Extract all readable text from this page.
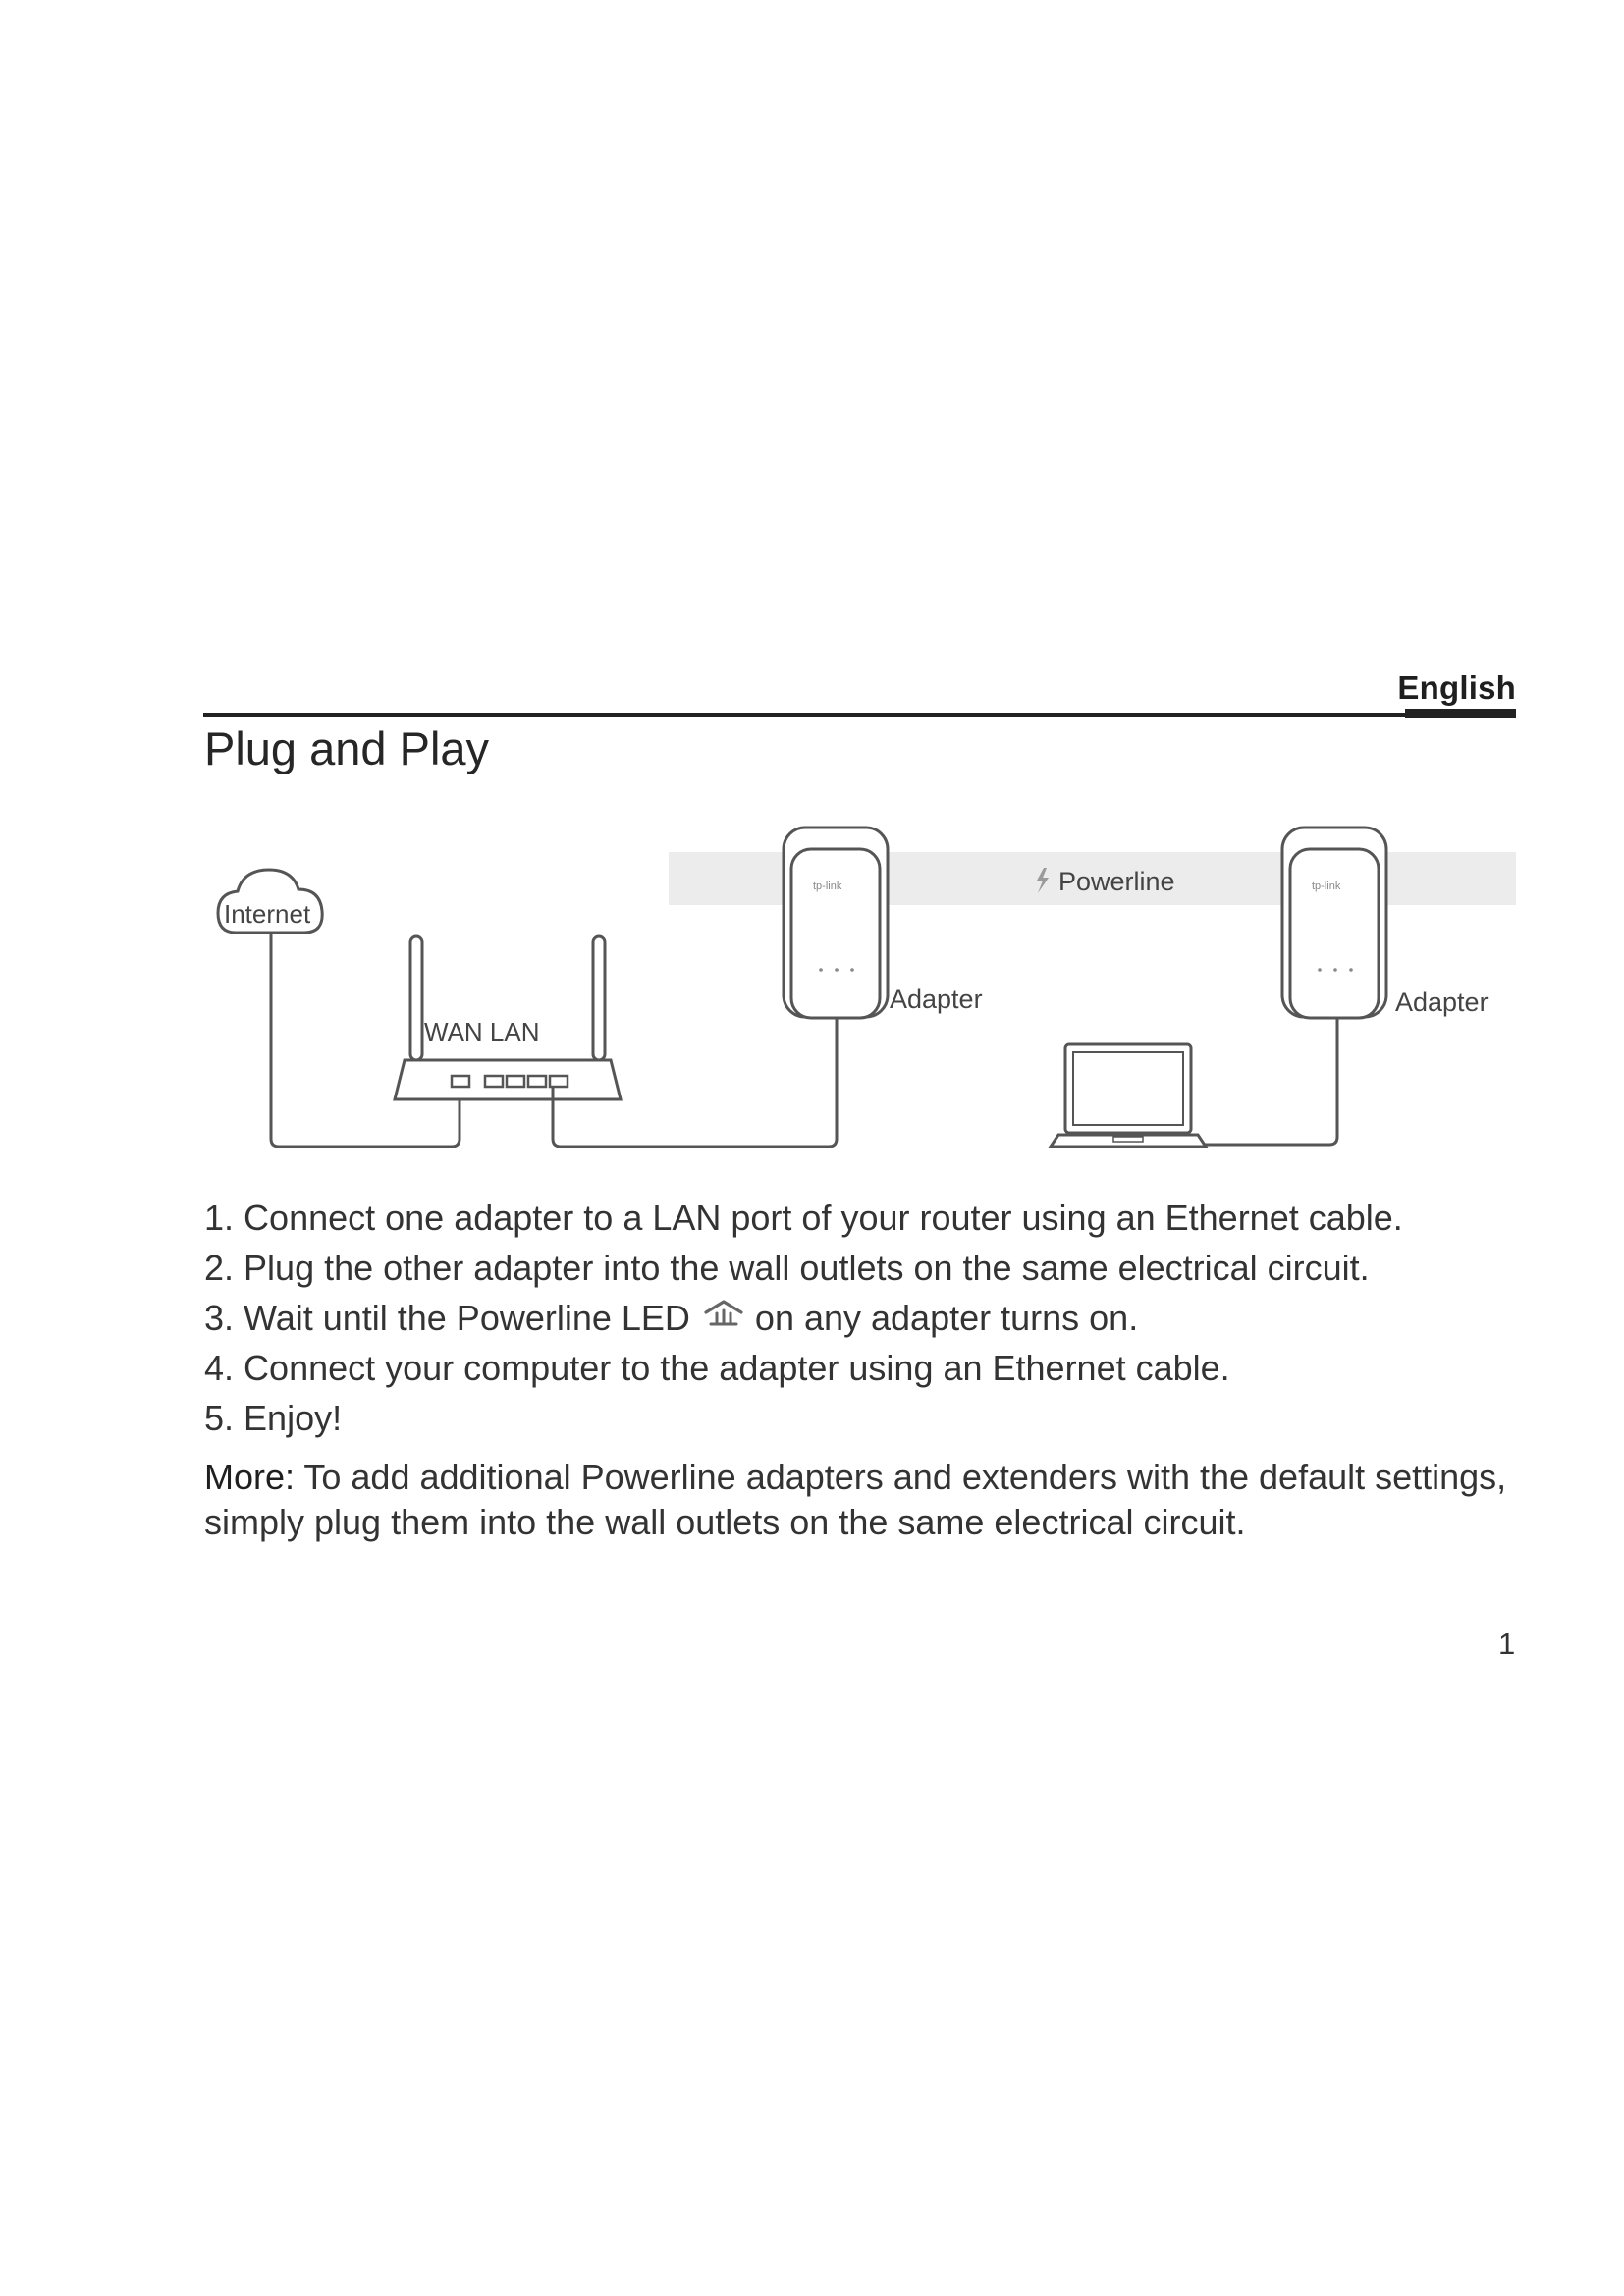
English
Plug and Play
Powerline
Internet
WAN LAN
tp-link
Adapter
tp-link
Adapter
1. Connect one adapter to a LAN port of your router using an Ethernet cable.
2. Plug the other adapter into the wall outlets on the same electrical circuit.
3. Wait until the Powerline LED on any adapter turns on.
4. Connect your computer to the adapter using an Ethernet cable.
5. Enjoy!

More: To add additional Powerline adapters and extenders with the default settings, simply plug them into the wall outlets on the same electrical circuit.

1
